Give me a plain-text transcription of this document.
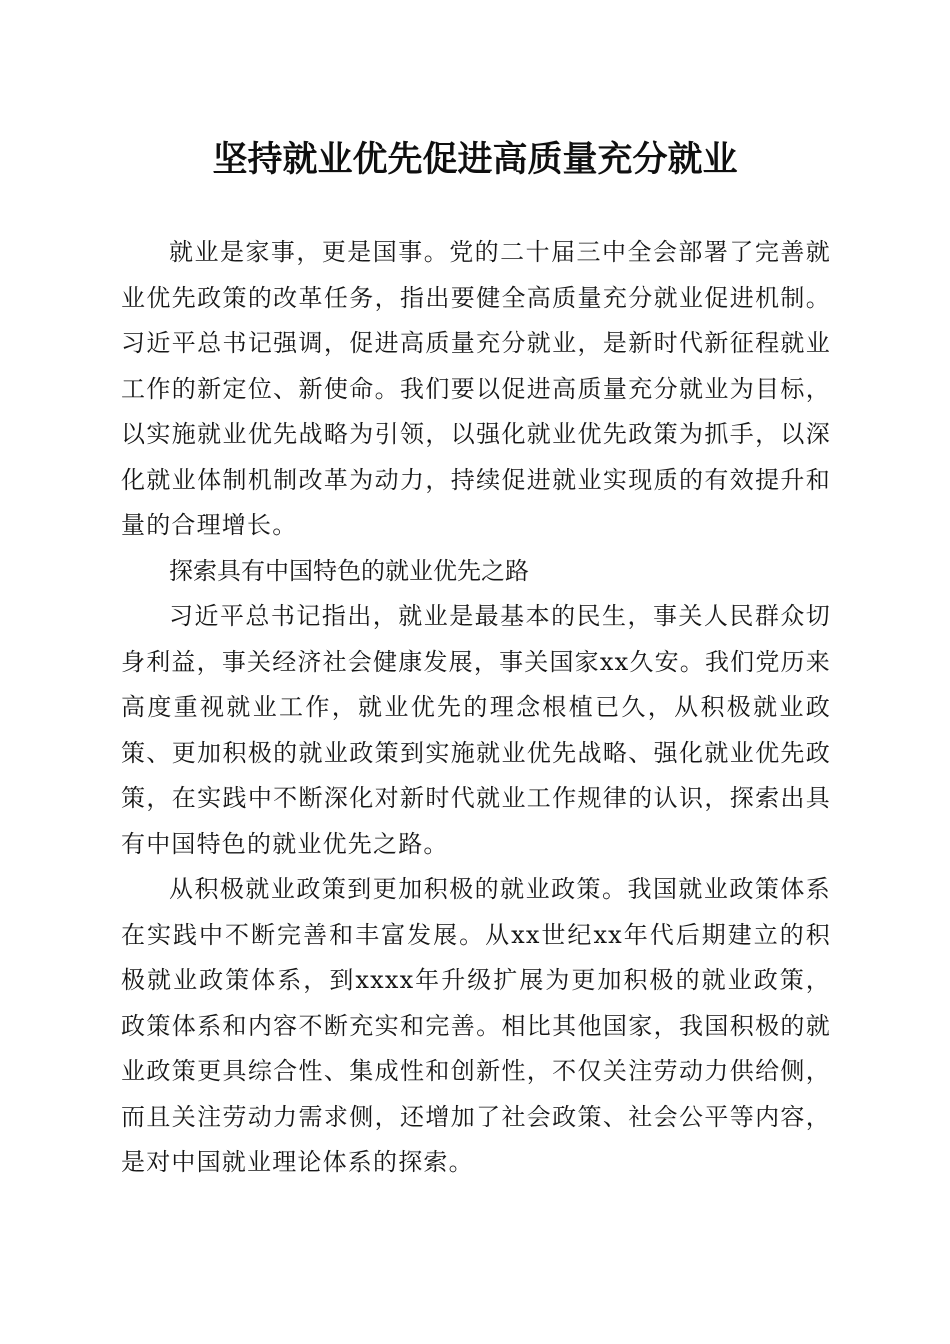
坚持就业优先促进高质量充分就业

就业是家事，更是国事。党的二十届三中全会部署了完善就业优先政策的改革任务，指出要健全高质量充分就业促进机制。习近平总书记强调，促进高质量充分就业，是新时代新征程就业工作的新定位、新使命。我们要以促进高质量充分就业为目标，以实施就业优先战略为引领，以强化就业优先政策为抓手，以深化就业体制机制改革为动力，持续促进就业实现质的有效提升和量的合理增长。

探索具有中国特色的就业优先之路

习近平总书记指出，就业是最基本的民生，事关人民群众切身利益，事关经济社会健康发展，事关国家xx久安。我们党历来高度重视就业工作，就业优先的理念根植已久，从积极就业政策、更加积极的就业政策到实施就业优先战略、强化就业优先政策，在实践中不断深化对新时代就业工作规律的认识，探索出具有中国特色的就业优先之路。

从积极就业政策到更加积极的就业政策。我国就业政策体系在实践中不断完善和丰富发展。从xx世纪xx年代后期建立的积极就业政策体系，到xxxx年升级扩展为更加积极的就业政策，政策体系和内容不断充实和完善。相比其他国家，我国积极的就业政策更具综合性、集成性和创新性，不仅关注劳动力供给侧，而且关注劳动力需求侧，还增加了社会政策、社会公平等内容，是对中国就业理论体系的探索。
